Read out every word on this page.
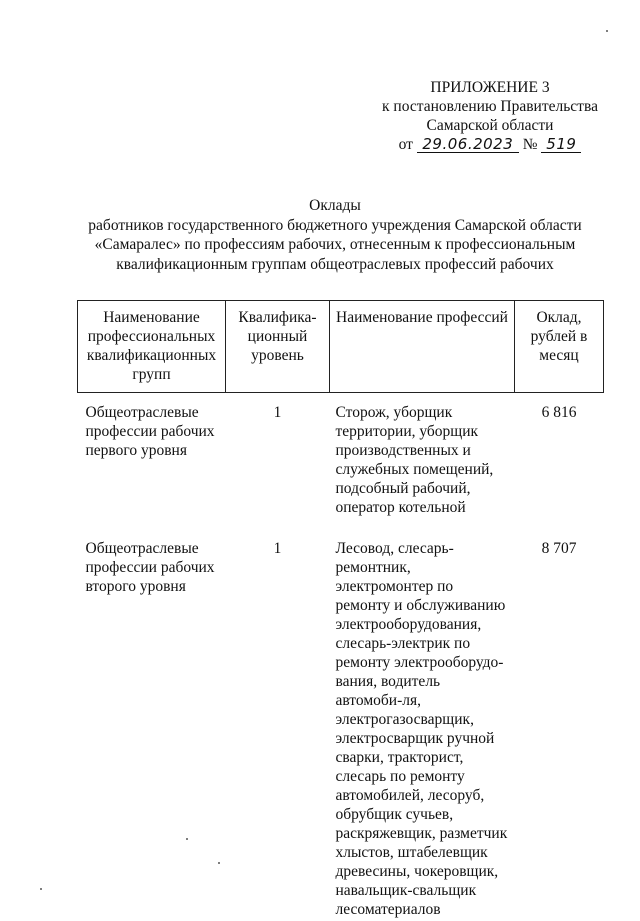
ПРИЛОЖЕНИЕ 3
к постановлению Правительства
Самарской области
от 29.06.2023 № 519
Оклады
работников государственного бюджетного учреждения Самарской области
«Самаралес» по профессиям рабочих, отнесенным к профессиональным
квалификационным группам общеотраслевых профессий рабочих
Наименование профессиональных квалификационных групп	Квалифика-ционный уровень	Наименование профессий	Оклад, рублей в месяц
Общеотраслевые профессии рабочих первого уровня	1	Сторож, уборщик территории, уборщик производственных и служебных помещений, подсобный рабочий, оператор котельной	6 816

Общеотраслевые профессии рабочих второго уровня	1	Лесовод, слесарь-ремонтник, электромонтер по ремонту и обслуживанию электрооборудования, слесарь-электрик по ремонту электрооборудо-вания, водитель автомоби-ля, электрогазосварщик, электросварщик ручной сварки, тракторист, слесарь по ремонту автомобилей, лесоруб, обрубщик сучьев, раскряжевщик, разметчик хлыстов, штабелевщик древесины, чокеровщик, навальщик-свальщик лесоматериалов	8 707
